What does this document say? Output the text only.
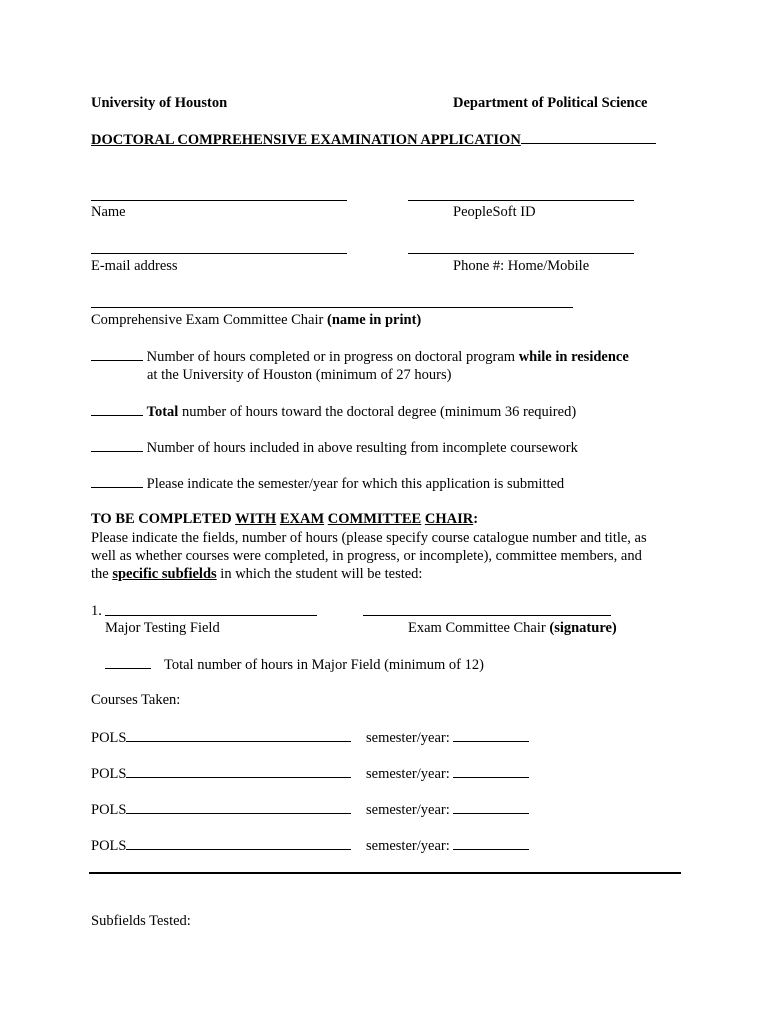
University of Houston	Department of Political Science
DOCTORAL COMPREHENSIVE EXAMINATION APPLICATION
Name	PeopleSoft ID
E-mail address	Phone #: Home/Mobile
Comprehensive Exam Committee Chair (name in print)
Number of hours completed or in progress on doctoral program while in residence
at the University of Houston (minimum of 27 hours)
Total number of hours toward the doctoral degree (minimum 36 required)
Number of hours included in above resulting from incomplete coursework
Please indicate the semester/year for which this application is submitted
TO BE COMPLETED WITH EXAM COMMITTEE CHAIR:
Please indicate the fields, number of hours (please specify course catalogue number and title, as
well as whether courses were completed, in progress, or incomplete), committee members, and
the specific subfields in which the student will be tested:
1.
Major Testing Field	Exam Committee Chair (signature)
Total number of hours in Major Field (minimum of 12)
Courses Taken:
POLS	semester/year:
POLS	semester/year:
POLS	semester/year:
POLS	semester/year:
Subfields Tested:
